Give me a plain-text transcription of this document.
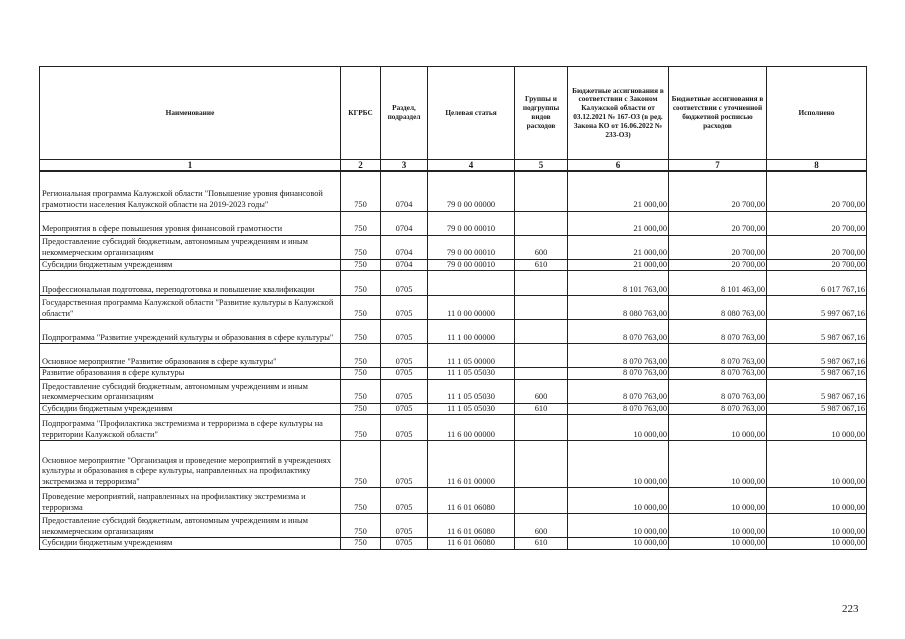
Наименование	КГРБС	Раздел, подраздел	Целевая статья	Группы и подгруппы видов расходов	Бюджетные ассигнования в соответствии с Законом Калужской области от 03.12.2021 № 167-ОЗ (в ред. Закона КО от 16.06.2022 № 233-ОЗ)	Бюджетные ассигнования в соответствии с уточненной бюджетной росписью расходов	Исполнено
1	2	3	4	5	6	7	8
Региональная программа Калужской области "Повышение уровня финансовой грамотности населения Калужской области на 2019-2023 годы"	750	0704	79 0 00 00000		21 000,00	20 700,00	20 700,00
Мероприятия в сфере повышения уровня финансовой грамотности	750	0704	79 0 00 00010		21 000,00	20 700,00	20 700,00
Предоставление субсидий бюджетным, автономным учреждениям и иным некоммерческим организациям	750	0704	79 0 00 00010	600	21 000,00	20 700,00	20 700,00
Субсидии бюджетным учреждениям	750	0704	79 0 00 00010	610	21 000,00	20 700,00	20 700,00
Профессиональная подготовка, переподготовка и повышение квалификации	750	0705			8 101 763,00	8 101 463,00	6 017 767,16
Государственная программа Калужской области "Развитие культуры в Калужской области"	750	0705	11 0 00 00000		8 080 763,00	8 080 763,00	5 997 067,16
Подпрограмма "Развитие учреждений культуры и образования в сфере культуры"	750	0705	11 1 00 00000		8 070 763,00	8 070 763,00	5 987 067,16
Основное мероприятие "Развитие образования в сфере культуры"	750	0705	11 1 05 00000		8 070 763,00	8 070 763,00	5 987 067,16
Развитие образования в сфере культуры	750	0705	11 1 05 05030		8 070 763,00	8 070 763,00	5 987 067,16
Предоставление субсидий бюджетным, автономным учреждениям и иным некоммерческим организациям	750	0705	11 1 05 05030	600	8 070 763,00	8 070 763,00	5 987 067,16
Субсидии бюджетным учреждениям	750	0705	11 1 05 05030	610	8 070 763,00	8 070 763,00	5 987 067,16
Подпрограмма "Профилактика экстремизма и терроризма в сфере культуры на территории Калужской области"	750	0705	11 6 00 00000		10 000,00	10 000,00	10 000,00
Основное мероприятие "Организация и проведение мероприятий в учреждениях культуры и образования в сфере культуры, направленных на профилактику экстремизма и терроризма"	750	0705	11 6 01 00000		10 000,00	10 000,00	10 000,00
Проведение мероприятий, направленных на профилактику экстремизма и терроризма	750	0705	11 6 01 06080		10 000,00	10 000,00	10 000,00
Предоставление субсидий бюджетным, автономным учреждениям и иным некоммерческим организациям	750	0705	11 6 01 06080	600	10 000,00	10 000,00	10 000,00
Субсидии бюджетным учреждениям	750	0705	11 6 01 06080	610	10 000,00	10 000,00	10 000,00
223
